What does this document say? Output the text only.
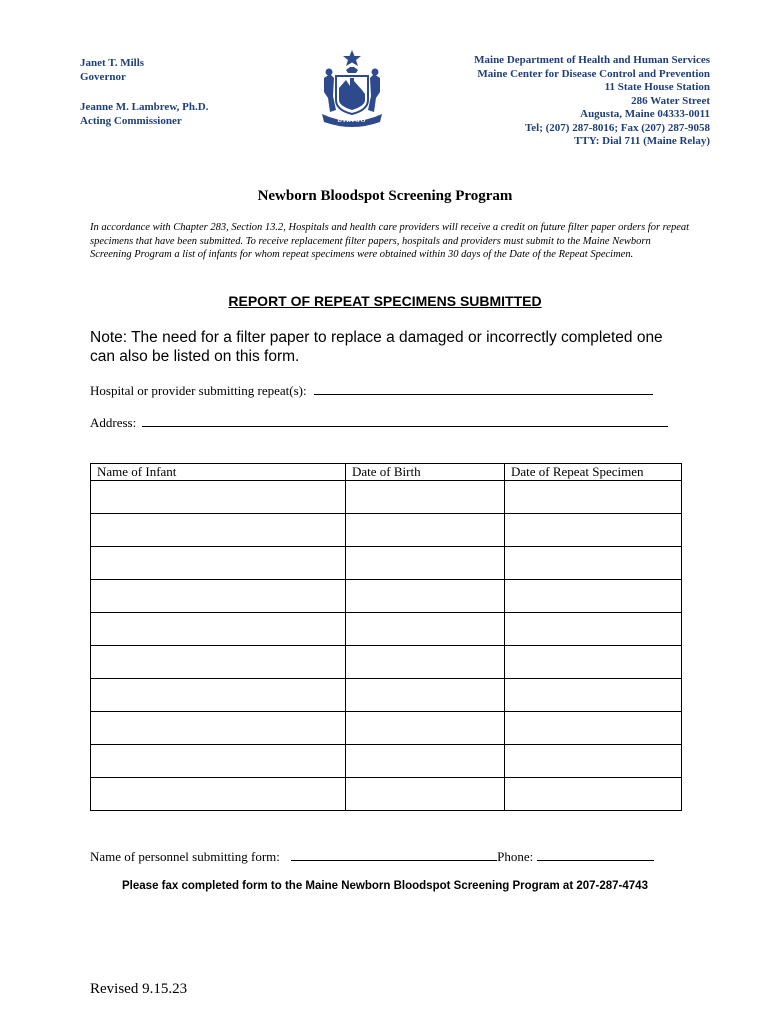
Janet T. Mills
Governor
Jeanne M. Lambrew, Ph.D.
Acting Commissioner	DIRIGO
Maine Department of Health and Human Services
Maine Center for Disease Control and Prevention
11 State House Station
286 Water Street
Augusta, Maine 04333-0011
Tel; (207) 287-8016; Fax (207) 287-9058
TTY: Dial 711 (Maine Relay)
Newborn Bloodspot Screening Program
In accordance with Chapter 283, Section 13.2, Hospitals and health care providers will receive a credit on future filter paper orders for repeat specimens that have been submitted. To receive replacement filter papers, hospitals and providers must submit to the Maine Newborn Screening Program a list of infants for whom repeat specimens were obtained within 30 days of the Date of the Repeat Specimen.
REPORT OF REPEAT SPECIMENS SUBMITTED
Note: The need for a filter paper to replace a damaged or incorrectly completed one can also be listed on this form.
Hospital or provider submitting repeat(s):
Address:
Name of Infant	Date of Birth	Date of Repeat Specimen

Name of personnel submitting form:	Phone:
Please fax completed form to the Maine Newborn Bloodspot Screening Program at 207-287-4743
Revised 9.15.23
